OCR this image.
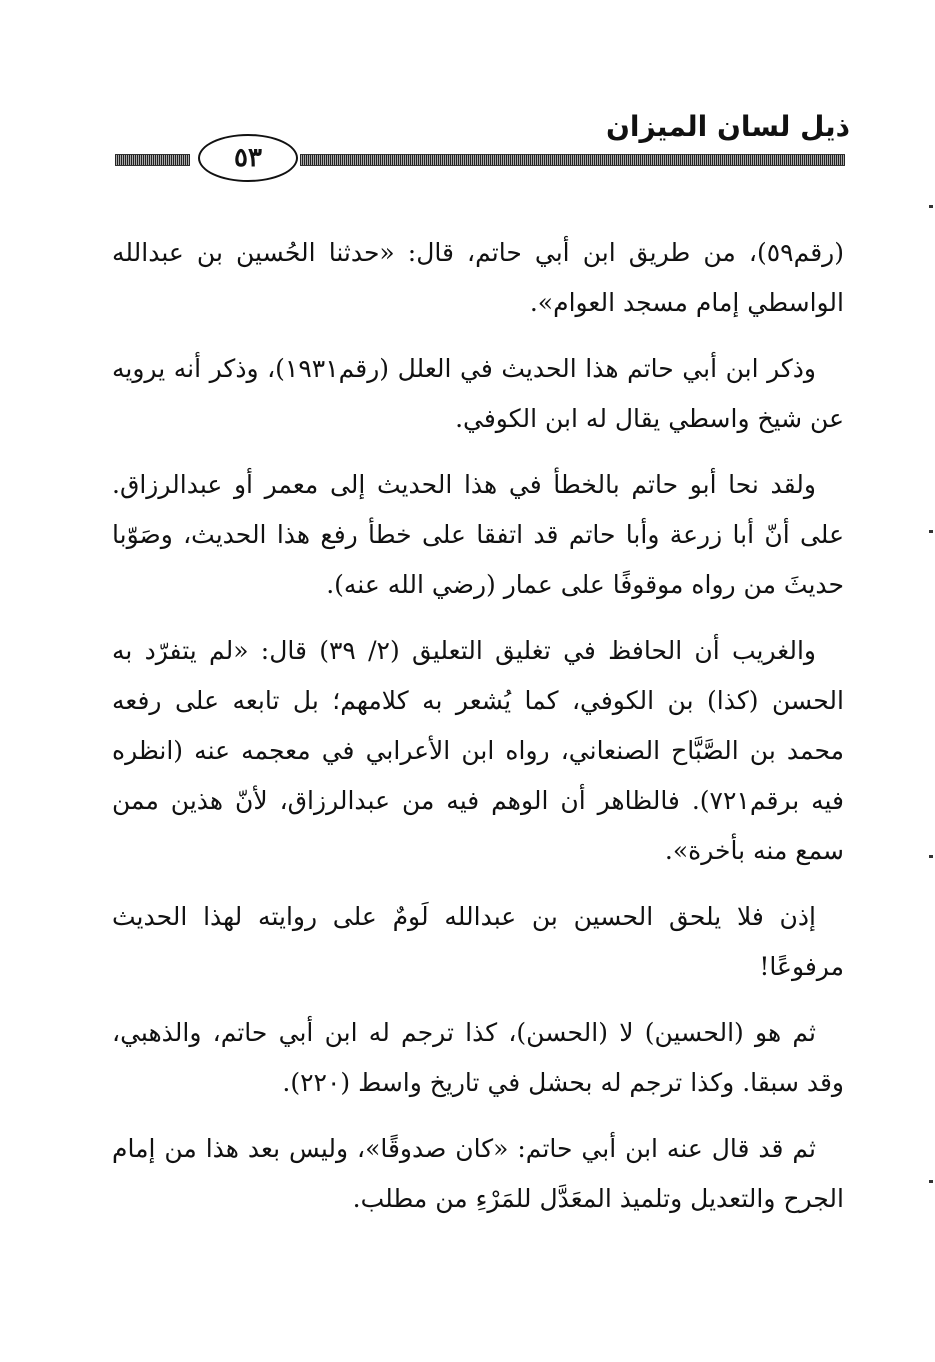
ذيل لسان الميزان
٥٣

(رقم٥٩)، من طريق ابن أبي حاتم، قال: «حدثنا الحُسين بن عبدالله الواسطي إمام مسجد العوام».

وذكر ابن أبي حاتم هذا الحديث في العلل (رقم١٩٣١)، وذكر أنه يرويه عن شيخ واسطي يقال له ابن الكوفي.

ولقد نحا أبو حاتم بالخطأ في هذا الحديث إلى معمر أو عبدالرزاق. على أنّ أبا زرعة وأبا حاتم قد اتفقا على خطأ رفع هذا الحديث، وصَوّبا حديثَ من رواه موقوفًا على عمار (رضي الله عنه).

والغريب أن الحافظ في تغليق التعليق (٢/ ٣٩) قال: «لم يتفرّد به الحسن (كذا) بن الكوفي، كما يُشعر به كلامهم؛ بل تابعه على رفعه محمد بن الصَّبَّاح الصنعاني، رواه ابن الأعرابي في معجمه عنه (انظره فيه برقم٧٢١). فالظاهر أن الوهم فيه من عبدالرزاق، لأنّ هذين ممن سمع منه بأخرة».

إذن فلا يلحق الحسين بن عبدالله لَومٌ على روايته لهذا الحديث مرفوعًا!

ثم هو (الحسين) لا (الحسن)، كذا ترجم له ابن أبي حاتم، والذهبي، وقد سبقا. وكذا ترجم له بحشل في تاريخ واسط (٢٢٠).

ثم قد قال عنه ابن أبي حاتم: «كان صدوقًا»، وليس بعد هذا من إمام الجرح والتعديل وتلميذ المعَدَّل للمَرْءِ من مطلب.
